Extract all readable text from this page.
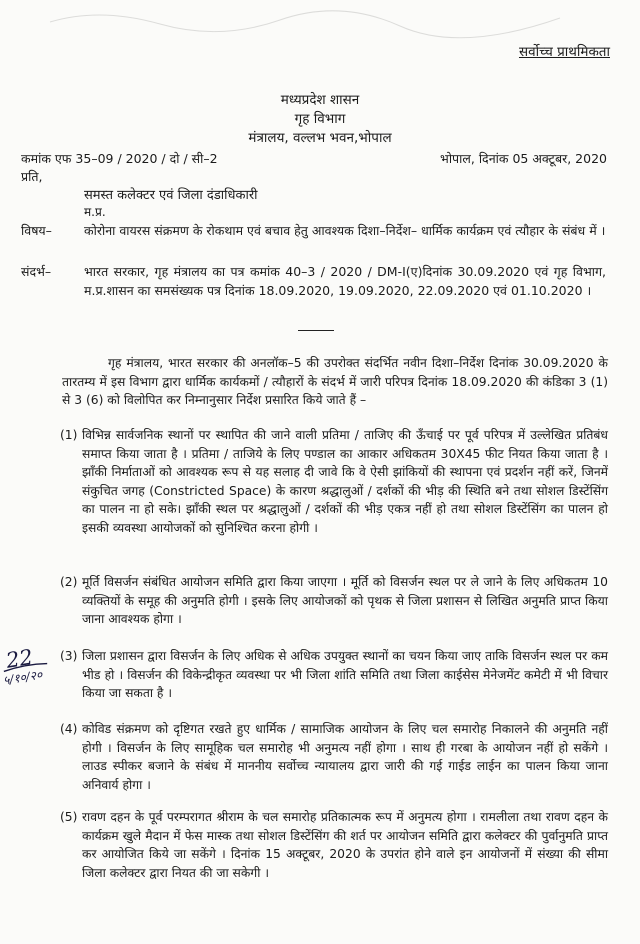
सर्वोच्च प्राथमिकता
मध्यप्रदेश शासन
गृह विभाग
मंत्रालय, वल्लभ भवन,भोपाल
कमांक एफ 35–09 / 2020 / दो / सी–2	भोपाल, दिनांक 05 अक्टूबर, 2020
प्रति,
समस्त कलेक्टर एवं जिला दंडाधिकारी
म.प्र.
विषय–	कोरोना वायरस संक्रमण के रोकथाम एवं बचाव हेतु आवश्यक दिशा–निर्देश– धार्मिक कार्यक्रम एवं त्यौहार के संबंध में ।
संदर्भ–	भारत सरकार, गृह मंत्रालय का पत्र कमांक 40–3 / 2020 / DM-I(ए)दिनांक 30.09.2020 एवं गृह विभाग, म.प्र.शासन का समसंख्यक पत्र दिनांक 18.09.2020, 19.09.2020, 22.09.2020 एवं 01.10.2020 ।
गृह मंत्रालय, भारत सरकार की अनलॉक–5 की उपरोक्त संदर्भित नवीन दिशा–निर्देश दिनांक 30.09.2020 के तारतम्य में इस विभाग द्वारा धार्मिक कार्यकमों / त्यौहारों के संदर्भ में जारी परिपत्र दिनांक 18.09.2020 की कंडिका 3 (1) से 3 (6) को विलोपित कर निम्नानुसार निर्देश प्रसारित किये जाते हैं –
(1) विभिन्न सार्वजनिक स्थानों पर स्थापित की जाने वाली प्रतिमा / ताजिए की ऊँचाई पर पूर्व परिपत्र में उल्लेखित प्रतिबंध समाप्त किया जाता है । प्रतिमा / ताजिये के लिए पण्डाल का आकार अधिकतम 30X45 फीट नियत किया जाता है । झाँकी निर्माताओं को आवश्यक रूप से यह सलाह दी जावे कि वे ऐसी झांकियों की स्थापना एवं प्रदर्शन नहीं करें, जिनमें संकुचित जगह (Constricted Space) के कारण श्रद्धालुओं / दर्शकों की भीड़ की स्थिति बने तथा सोशल डिस्टेंसिंग का पालन ना हो सके। झाँकी स्थल पर श्रद्धालुओं / दर्शकों की भीड़ एकत्र नहीं हो तथा सोशल डिस्टेंसिंग का पालन हो इसकी व्यवस्था आयोजकों को सुनिश्चित करना होगी ।
(2) मूर्ति विसर्जन संबंधित आयोजन समिति द्वारा किया जाएगा । मूर्ति को विसर्जन स्थल पर ले जाने के लिए अधिकतम 10 व्यक्तियों के समूह की अनुमति होगी । इसके लिए आयोजकों को पृथक से जिला प्रशासन से लिखित अनुमति प्राप्त किया जाना आवश्यक होगा ।
(3) जिला प्रशासन द्वारा विसर्जन के लिए अधिक से अधिक उपयुक्त स्थानों का चयन किया जाए ताकि विसर्जन स्थल पर कम भीड हो । विसर्जन की विकेन्द्रीकृत व्यवस्था पर भी जिला शांति समिति तथा जिला काईसेस मेनेजमेंट कमेटी में भी विचार किया जा सकता है ।
(4) कोविड संक्रमण को दृष्टिगत रखते हुए धार्मिक / सामाजिक आयोजन के लिए चल समारोह निकालने की अनुमति नहीं होगी । विसर्जन के लिए सामूहिक चल समारोह भी अनुमत्य नहीं होगा । साथ ही गरबा के आयोजन नहीं हो सकेंगे । लाउड स्पीकर बजाने के संबंध में माननीय सर्वोच्च न्यायालय द्वारा जारी की गई गाईड लाईन का पालन किया जाना अनिवार्य होगा ।
(5) रावण दहन के पूर्व परम्परागत श्रीराम के चल समारोह प्रतिकात्मक रूप में अनुमत्य होगा । रामलीला तथा रावण दहन के कार्यक्रम खुले मैदान में फेस मास्क तथा सोशल डिस्टेंसिंग की शर्त पर आयोजन समिति द्वारा कलेक्टर की पुर्वानुमति प्राप्त कर आयोजित किये जा सकेंगे । दिनांक 15 अक्टूबर, 2020 के उपरांत होने वाले इन आयोजनों में संख्या की सीमा जिला कलेक्टर द्वारा नियत की जा सकेगी ।
22
५/१०/२०
